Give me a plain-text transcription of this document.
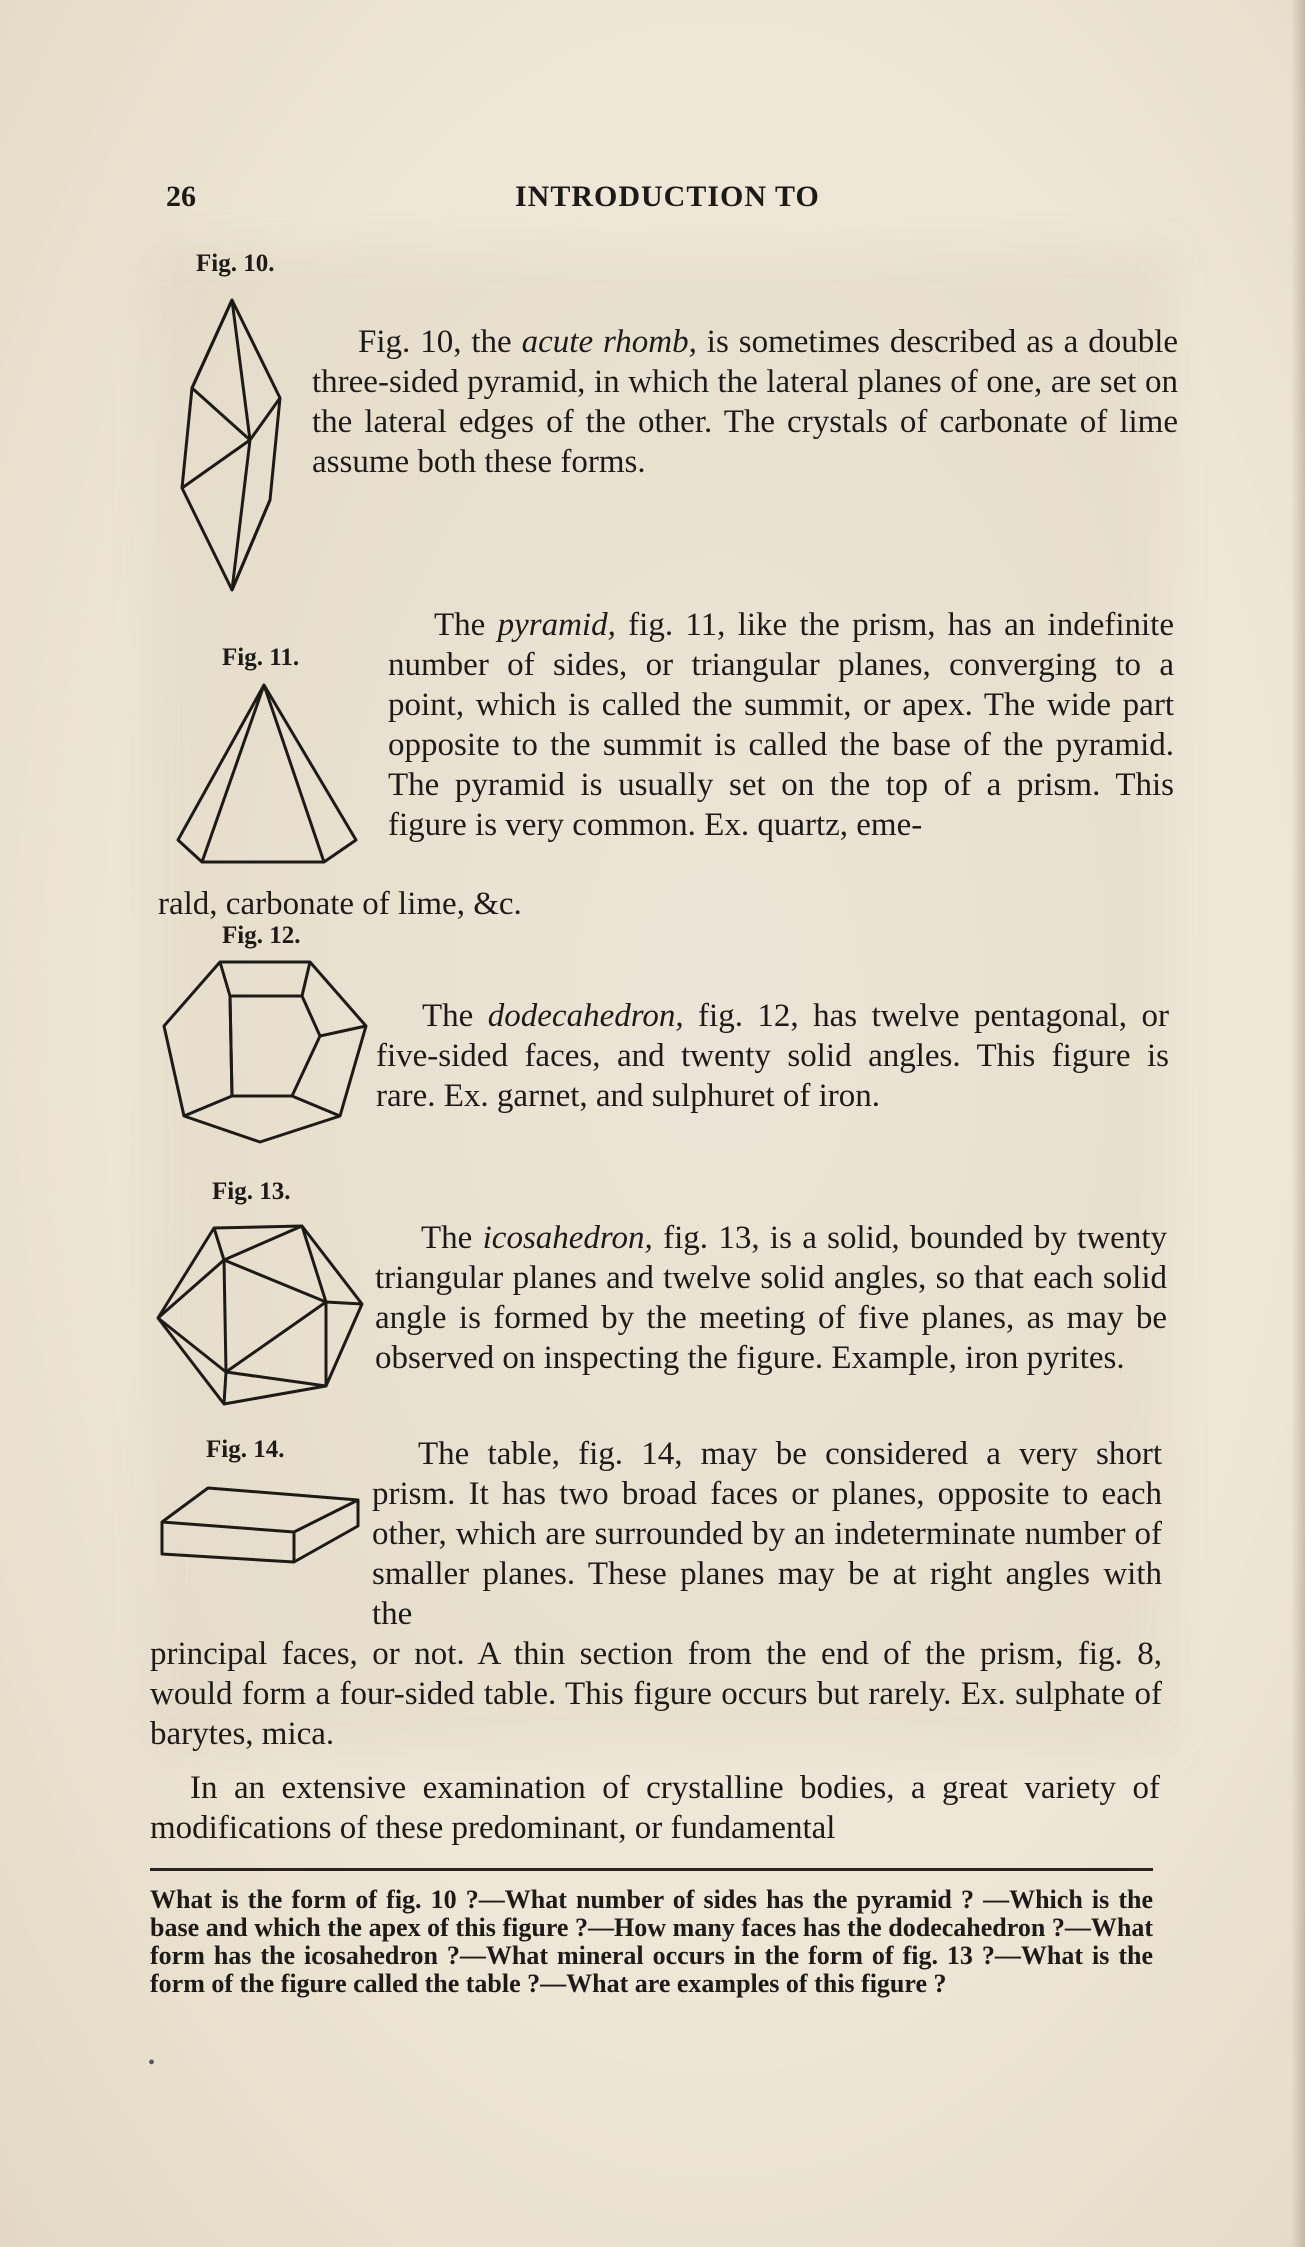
26	INTRODUCTION TO
Fig. 10.

Fig. 10, the acute rhomb, is sometimes described as a double three-sided pyramid, in which the lateral planes of one, are set on the lateral edges of the other. The crystals of carbonate of lime assume both these forms.

Fig. 11.

The pyramid, fig. 11, like the prism, has an indefinite number of sides, or triangular planes, converging to a point, which is called the summit, or apex. The wide part opposite to the summit is called the base of the pyramid. The pyramid is usually set on the top of a prism. This figure is very common. Ex. quartz, eme-

rald, carbonate of lime, &c.

Fig. 12.

The dodecahedron, fig. 12, has twelve pentagonal, or five-sided faces, and twenty solid angles. This figure is rare. Ex. garnet, and sulphuret of iron.

Fig. 13.

The icosahedron, fig. 13, is a solid, bounded by twenty triangular planes and twelve solid angles, so that each solid angle is formed by the meeting of five planes, as may be observed on inspecting the figure. Example, iron pyrites.

Fig. 14.	The table, fig. 14, may be considered a very short prism. It has two broad faces or planes, opposite to each other, which are surrounded by an indeterminate number of smaller planes. These planes may be at right angles with the

principal faces, or not. A thin section from the end of the prism, fig. 8, would form a four-sided table. This figure occurs but rarely. Ex. sulphate of barytes, mica.

In an extensive examination of crystalline bodies, a great variety of modifications of these predominant, or fundamental

What is the form of fig. 10 ?—What number of sides has the pyramid ? —Which is the base and which the apex of this figure ?—How many faces has the dodecahedron ?—What form has the icosahedron ?—What mineral occurs in the form of fig. 13 ?—What is the form of the figure called the table ?—What are examples of this figure ?
•
